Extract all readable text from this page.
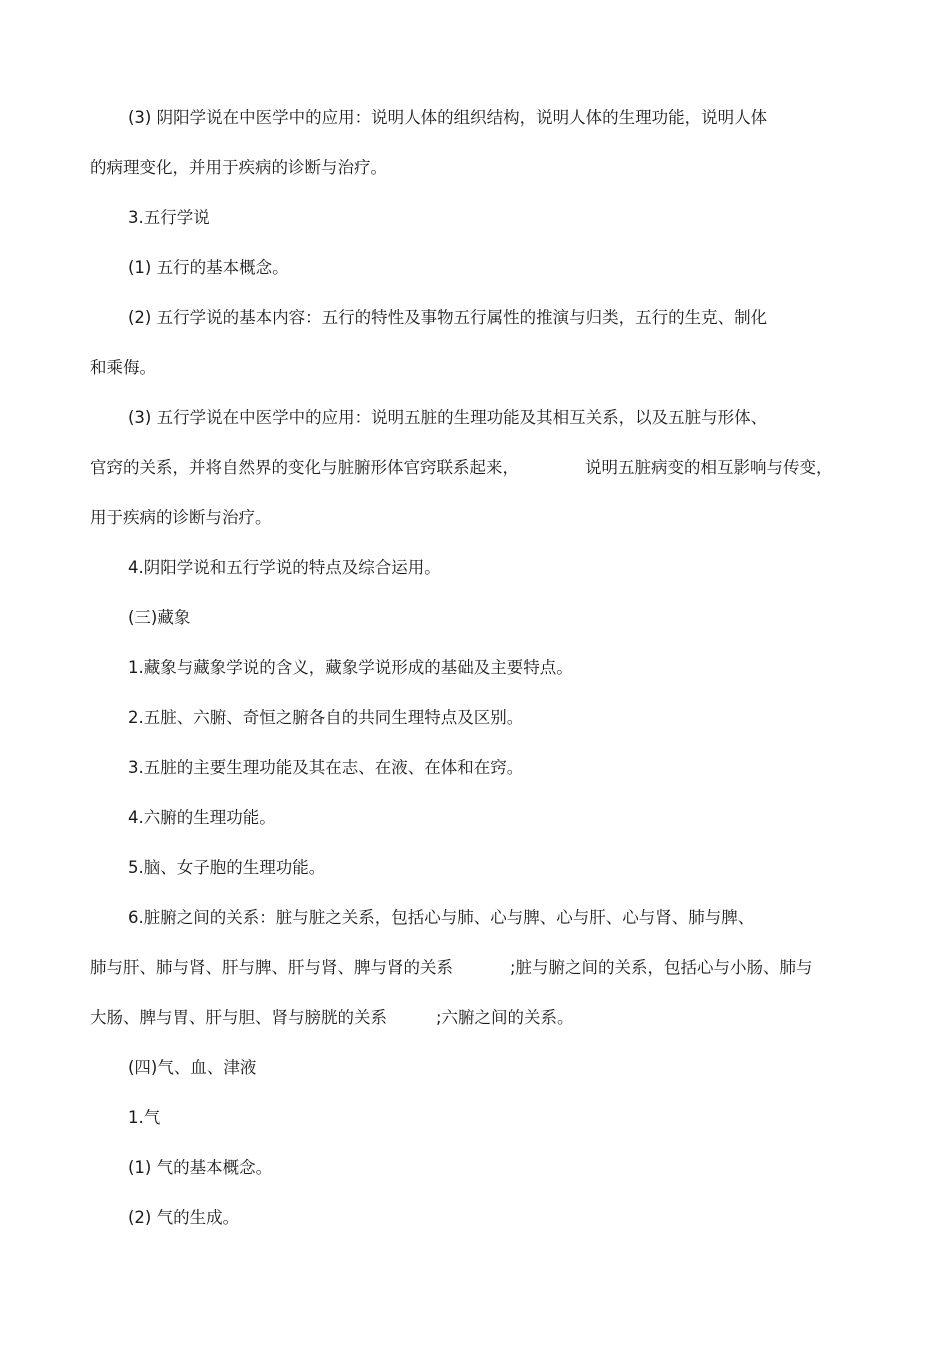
(3) 阴阳学说在中医学中的应用：说明人体的组织结构，说明人体的生理功能，说明人体
的病理变化，并用于疾病的诊断与治疗。
3.五行学说
(1) 五行的基本概念。
(2) 五行学说的基本内容：五行的特性及事物五行属性的推演与归类，五行的生克、制化
和乘侮。
(3) 五行学说在中医学中的应用：说明五脏的生理功能及其相互关系，以及五脏与形体、
官窍的关系，并将自然界的变化与脏腑形体官窍联系起来，	说明五脏病变的相互影响与传变，
用于疾病的诊断与治疗。
4.阴阳学说和五行学说的特点及综合运用。
(三)藏象
1.藏象与藏象学说的含义，藏象学说形成的基础及主要特点。
2.五脏、六腑、奇恒之腑各自的共同生理特点及区别。
3.五脏的主要生理功能及其在志、在液、在体和在窍。
4.六腑的生理功能。
5.脑、女子胞的生理功能。
6.脏腑之间的关系：脏与脏之关系，包括心与肺、心与脾、心与肝、心与肾、肺与脾、
肺与肝、肺与肾、肝与脾、肝与肾、脾与肾的关系	;脏与腑之间的关系，包括心与小肠、肺与
大肠、脾与胃、肝与胆、肾与膀胱的关系	;六腑之间的关系。
(四)气、血、津液
1.气
(1) 气的基本概念。
(2) 气的生成。
